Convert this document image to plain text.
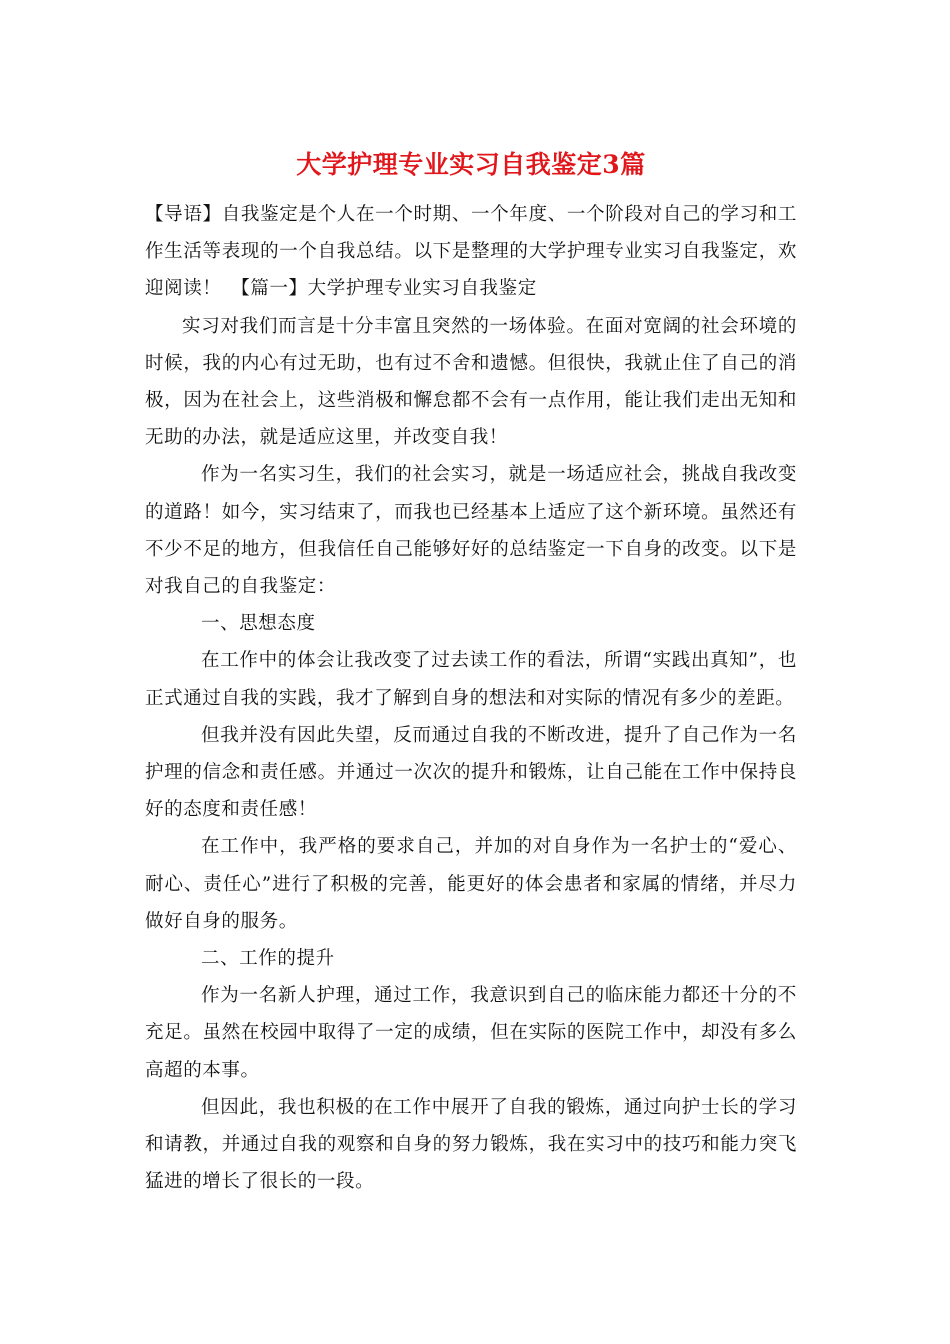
大学护理专业实习自我鉴定3篇

【导语】自我鉴定是个人在一个时期、一个年度、一个阶段对自己的学习和工作生活等表现的一个自我总结。以下是整理的大学护理专业实习自我鉴定，欢迎阅读！　【篇一】大学护理专业实习自我鉴定

实习对我们而言是十分丰富且突然的一场体验。在面对宽阔的社会环境的时候，我的内心有过无助，也有过不舍和遗憾。但很快，我就止住了自己的消极，因为在社会上，这些消极和懈怠都不会有一点作用，能让我们走出无知和无助的办法，就是适应这里，并改变自我！

作为一名实习生，我们的社会实习，就是一场适应社会，挑战自我改变的道路！如今，实习结束了，而我也已经基本上适应了这个新环境。虽然还有不少不足的地方，但我信任自己能够好好的总结鉴定一下自身的改变。以下是对我自己的自我鉴定：

一、思想态度

在工作中的体会让我改变了过去读工作的看法，所谓“实践出真知”，也正式通过自我的实践，我才了解到自身的想法和对实际的情况有多少的差距。

但我并没有因此失望，反而通过自我的不断改进，提升了自己作为一名护理的信念和责任感。并通过一次次的提升和锻炼，让自己能在工作中保持良好的态度和责任感！

在工作中，我严格的要求自己，并加的对自身作为一名护士的“爱心、耐心、责任心”进行了积极的完善，能更好的体会患者和家属的情绪，并尽力做好自身的服务。

二、工作的提升

作为一名新人护理，通过工作，我意识到自己的临床能力都还十分的不充足。虽然在校园中取得了一定的成绩，但在实际的医院工作中，却没有多么高超的本事。

但因此，我也积极的在工作中展开了自我的锻炼，通过向护士长的学习和请教，并通过自我的观察和自身的努力锻炼，我在实习中的技巧和能力突飞猛进的增长了很长的一段。
